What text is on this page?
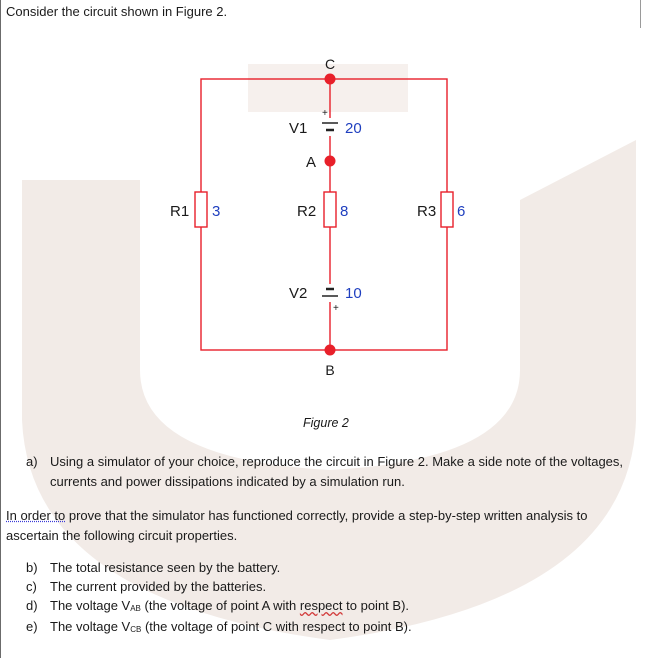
Consider the circuit shown in Figure 2.
C
+
V1	20
A
R1 3	R2 8	R3 6
+
V2	10
B
Figure 2
a) Using a simulator of your choice, reproduce the circuit in Figure 2. Make a side note of the voltages,
currents and power dissipations indicated by a simulation run.
In order to prove that the simulator has functioned correctly, provide a step-by-step written analysis to
ascertain the following circuit properties.
b) The total resistance seen by the battery.
c) The current provided by the batteries.
d) The voltage $V_{AB}$ (the voltage of point A with respect to point B).
e) The voltage $V_{CB}$ (the voltage of point C with respect to point B).
